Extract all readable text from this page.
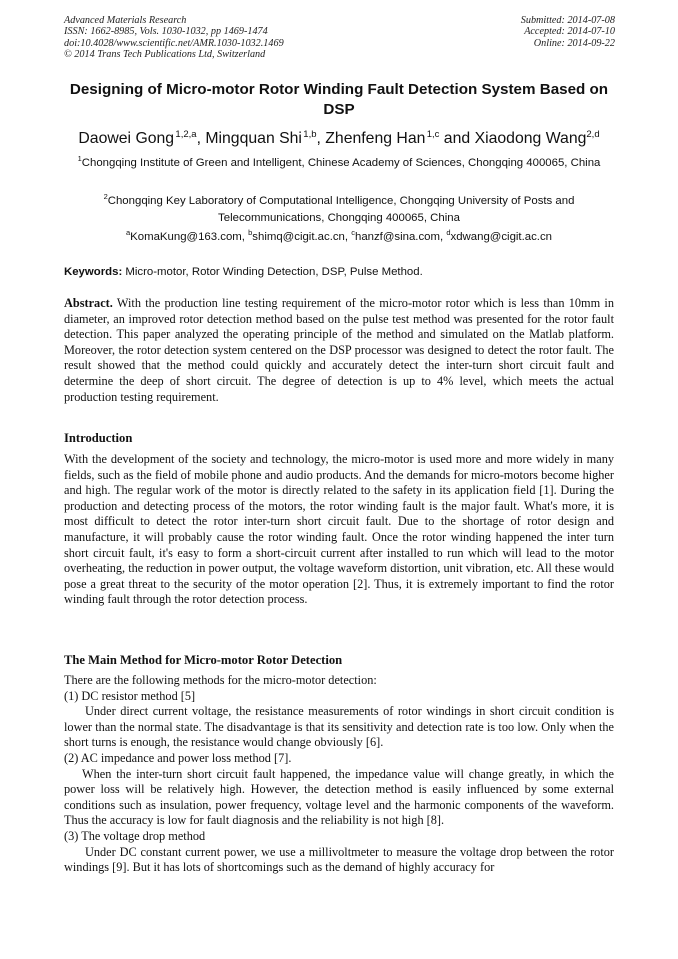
Advanced Materials Research
ISSN: 1662-8985, Vols. 1030-1032, pp 1469-1474
doi:10.4028/www.scientific.net/AMR.1030-1032.1469
© 2014 Trans Tech Publications Ltd, Switzerland
Submitted: 2014-07-08
Accepted: 2014-07-10
Online: 2014-09-22
Designing of Micro-motor Rotor Winding Fault Detection System Based on DSP
Daowei Gong $^{1,2,a}$, Mingquan Shi $^{1,b}$, Zhenfeng Han $^{1,c}$ and Xiaodong Wang$^{2,d}$
$^1$Chongqing Institute of Green and Intelligent, Chinese Academy of Sciences, Chongqing 400065, China
$^2$Chongqing Key Laboratory of Computational Intelligence, Chongqing University of Posts and Telecommunications, Chongqing 400065, China
$^a$KomaKung@163.com, $^b$shimq@cigit.ac.cn, $^c$hanzf@sina.com, $^d$xdwang@cigit.ac.cn
Keywords: Micro-motor, Rotor Winding Detection, DSP, Pulse Method.
Abstract. With the production line testing requirement of the micro-motor rotor which is less than 10mm in diameter, an improved rotor detection method based on the pulse test method was presented for the rotor fault detection. This paper analyzed the operating principle of the method and simulated on the Matlab platform. Moreover, the rotor detection system centered on the DSP processor was designed to detect the rotor fault. The result showed that the method could quickly and accurately detect the inter-turn short circuit fault and determine the deep of short circuit. The degree of detection is up to 4% level, which meets the actual production testing requirement.
Introduction
With the development of the society and technology, the micro-motor is used more and more widely in many fields, such as the field of mobile phone and audio products. And the demands for micro-motors become higher and high. The regular work of the motor is directly related to the safety in its application field [1]. During the production and detecting process of the motors, the rotor winding fault is the major fault. What's more, it is most difficult to detect the rotor inter-turn short circuit fault. Due to the shortage of rotor design and manufacture, it will probably cause the rotor winding fault. Once the rotor winding happened the inter turn short circuit fault, it's easy to form a short-circuit current after installed to run which will lead to the motor overheating, the reduction in power output, the voltage waveform distortion, unit vibration, etc. All these would pose a great threat to the security of the motor operation [2]. Thus, it is extremely important to find the rotor winding fault through the rotor detection process.
The Main Method for Micro-motor Rotor Detection
There are the following methods for the micro-motor detection:
(1) DC resistor method [5]
Under direct current voltage, the resistance measurements of rotor windings in short circuit condition is lower than the normal state. The disadvantage is that its sensitivity and detection rate is too low. Only when the short turns is enough, the resistance would change obviously [6].
(2) AC impedance and power loss method [7].
When the inter-turn short circuit fault happened, the impedance value will change greatly, in which the power loss will be relatively high. However, the detection method is easily influenced by some external conditions such as insulation, power frequency, voltage level and the harmonic components of the waveform. Thus the accuracy is low for fault diagnosis and the reliability is not high [8].
(3) The voltage drop method
Under DC constant current power, we use a millivoltmeter to measure the voltage drop between the rotor windings [9]. But it has lots of shortcomings such as the demand of highly accuracy for
